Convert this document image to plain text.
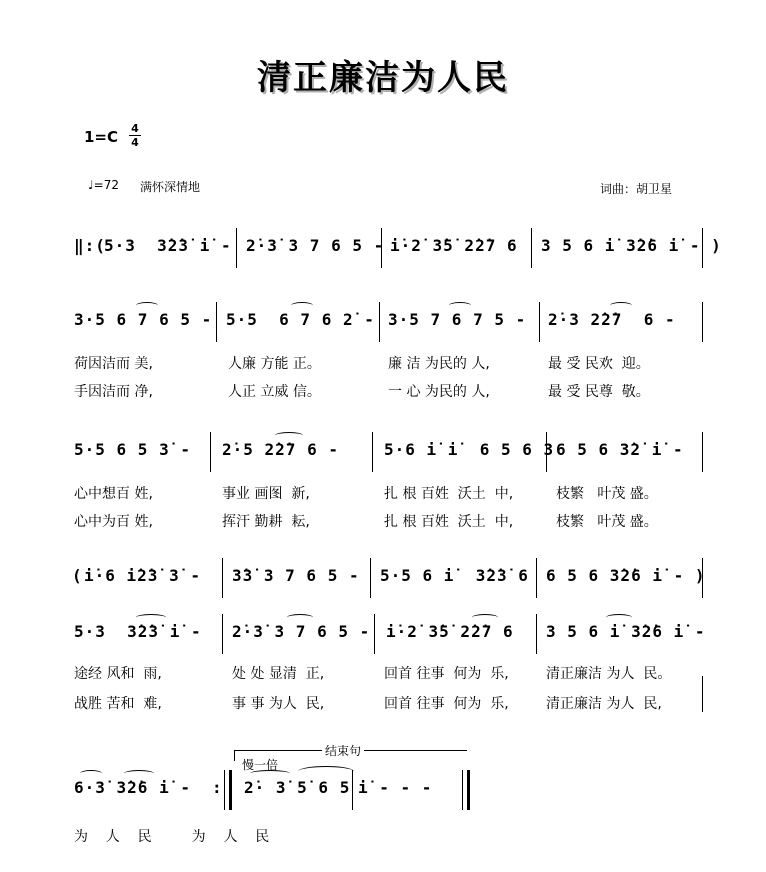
清正廉洁为人民
1=C 4
4
♩=72 满怀深情地	词曲：胡卫星
‖:(
5·3  3̇2̇3̇ i̇ - 2̇·3̇ 3 7 6 5 - i̇·2̇ 3̇5̇ 2̇2̇7 6 3 5 6 i̇ 3̇2̇6 i̇ - )
3·5 6 7 6 5 - 5·5  6 7 6 2̇ - 3·5 7 6 7 5 - 2̇·3 2̇2̇7  6 -
荷因洁而 美,	人廉 方能 正。	廉 洁 为民的 人,	最 受 民欢  迎。
手因洁而 净,	人正 立威 信。	一 心 为民的 人,	最 受 民尊  敬。
5·5 6 5 3̇ - 2̇·5 2̇2̇7 6 -	5·6 i̇ i̇  6 5 6 3 6 5 6 3̇2̇ i̇ -
心中想百 姓,	事业 画图  新,	扎 根 百姓  沃土  中,	枝繁   叶茂 盛。
心中为百 姓,	挥汗 勤耕  耘,	扎 根 百姓  沃土  中,	枝繁   叶茂 盛。
( i̇·6 i̇2̇3̇ 3̇ - 3̇3̇ 3 7 6 5 - 5·5 6 i̇  3̇2̇3̇ 6 6 5 6 3̇2̇6 i̇ - )
5·3  3̇2̇3̇ i̇ - 2̇·3̇ 3 7 6 5 - i̇·2̇ 3̇5̇ 2̇2̇7 6 3 5 6 i̇ 3̇2̇6 i̇ -
途经 风和  雨,	处 处 显清  正,	回首 往事  何为  乐,	清正廉洁 为人  民。
战胜 苦和  难,	事 事 为人  民,	回首 往事  何为  乐,	清正廉洁 为人  民,
慢一倍
结束句
6·3̇ 3̇2̇6 i̇ - : 2̇· 3̇ 5̇ 6 5 i̇ - - -
为    人    民         为    人    民
